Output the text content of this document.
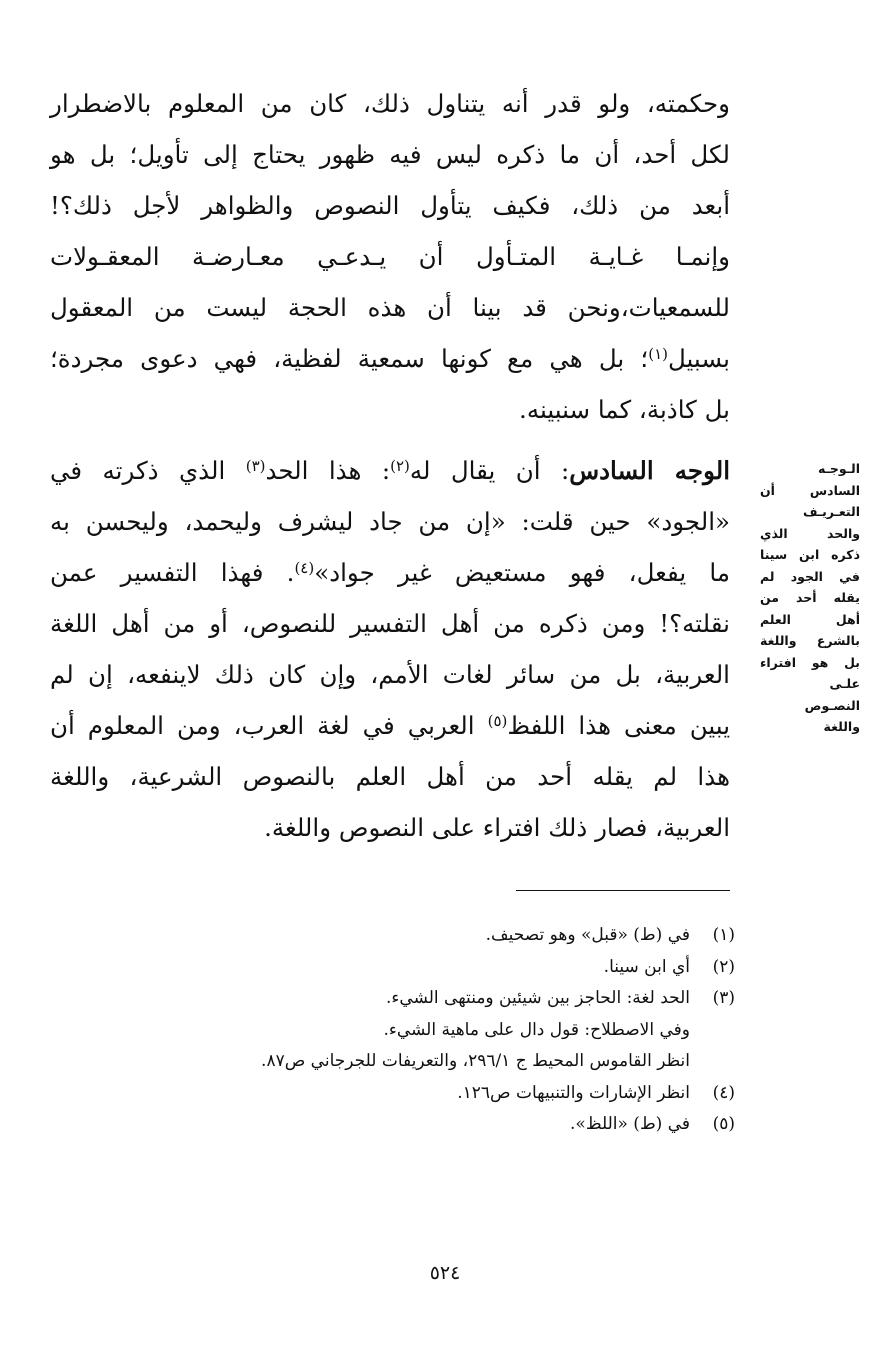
وحكمته، ولو قدر أنه يتناول ذلك، كان من المعلوم بالاضطرار
لكل أحد، أن ما ذكره ليس فيه ظهور يحتاج إلى تأويل؛ بل هو
أبعد من ذلك، فكيف يتأول النصوص والظواهر لأجل ذلك؟!
وإنمـا غـايـة المتـأول أن يـدعـي معـارضـة المعقـولات
للسمعيات،ونحن قد بينا أن هذه الحجة ليست من المعقول
بسبيل$^{(١)}$؛ بل هي مع كونها سمعية لفظية، فهي دعوى مجردة؛
بل كاذبة، كما سنبينه.
الوجه السادس: أن يقال له$^{(٢)}$: هذا الحد$^{(٣)}$ الذي ذكرته في
«الجود» حين قلت: «إن من جاد ليشرف وليحمد، وليحسن به
ما يفعل، فهو مستعيض غير جواد»$^{(٤)}$. فهذا التفسير عمن
نقلته؟! ومن ذكره من أهل التفسير للنصوص، أو من أهل اللغة
العربية، بل من سائر لغات الأمم، وإن كان ذلك لاينفعه، إن لم
يبين معنى هذا اللفظ$^{(٥)}$ العربي في لغة العرب، ومن المعلوم أن
هذا لم يقله أحد من أهل العلم بالنصوص الشرعية، واللغة
العربية، فصار ذلك افتراء على النصوص واللغة.
الـوجـه
السادس أن
التعـريـف
والحد الذي
ذكره ابن سينا
في الجود لم
يقله أحد من
أهل العلم
بالشرع واللغة
بل هو افتراء
علـى
النصـوص
واللغة
(١)
في (ط) «قبل» وهو تصحيف.
(٢)
أي ابن سينا.
(٣)
الحد لغة: الحاجز بين شيئين ومنتهى الشيء.
وفي الاصطلاح: قول دال على ماهية الشيء.
انظر القاموس المحيط ج ٢٩٦/١، والتعريفات للجرجاني ص٨٧.
(٤)
انظر الإشارات والتنبيهات ص١٢٦.
(٥)
في (ط) «اللظ».
٥٢٤
